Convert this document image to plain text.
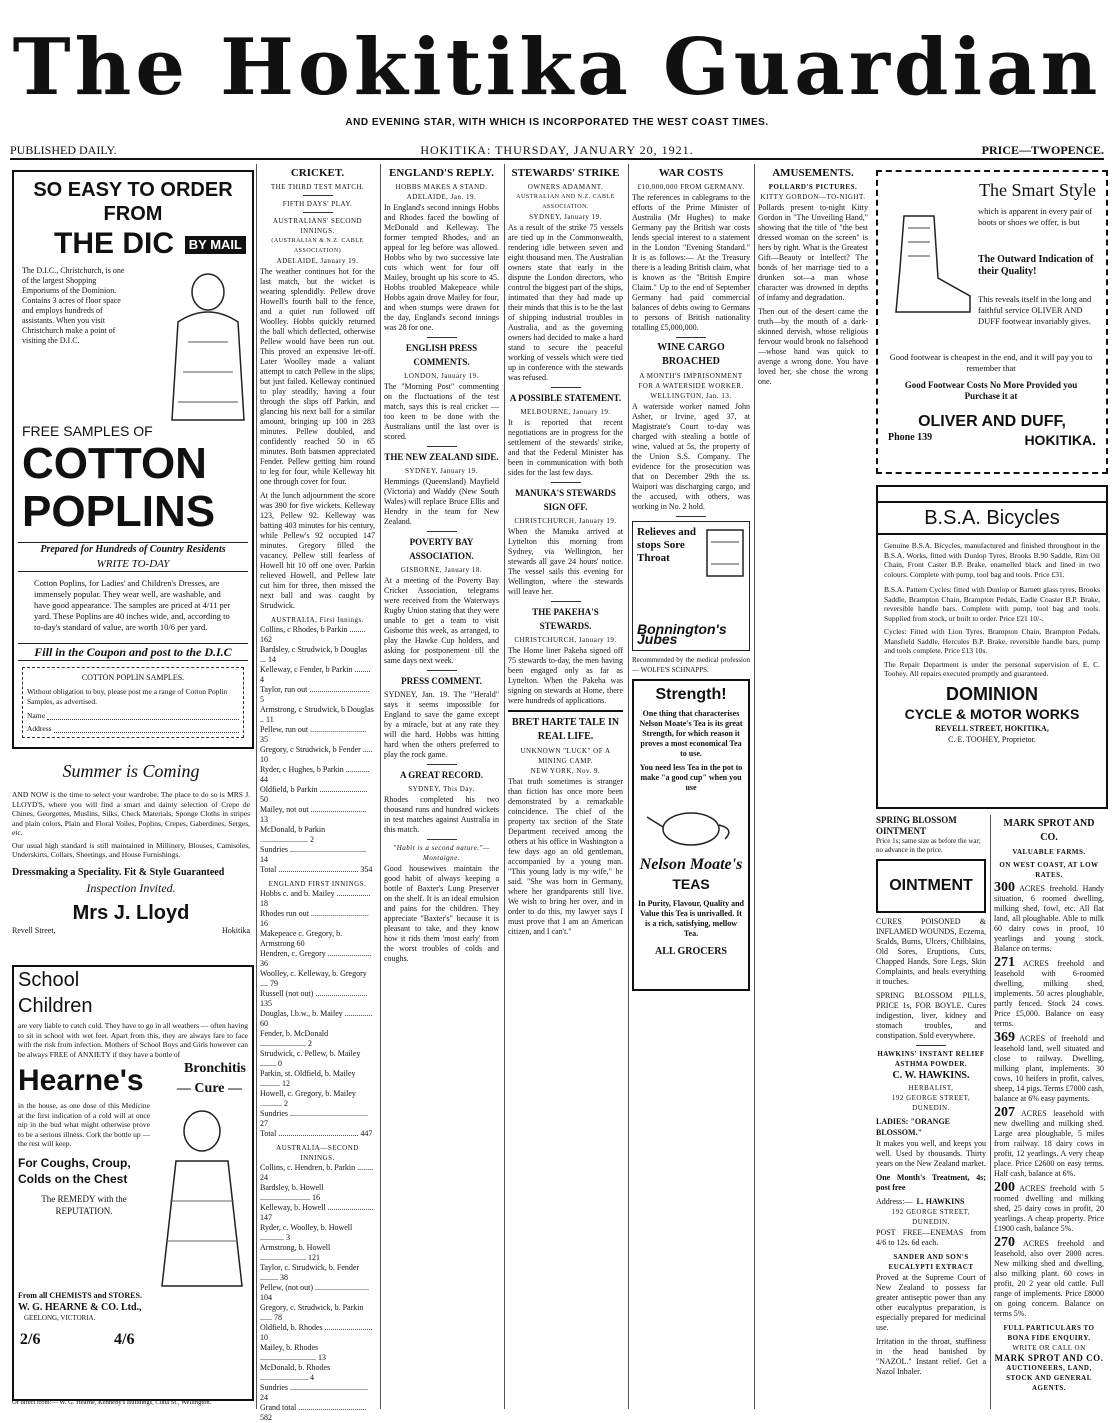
The Hokitika Guardian
AND EVENING STAR, WITH WHICH IS INCORPORATED THE WEST COAST TIMES.
HOKITIKA: THURSDAY, JANUARY 20, 1921.
PUBLISHED DAILY.	PRICE—TWOPENCE.
SO EASY TO ORDER FROM
THE DIC	BY MAIL
The D.I.C., Christchurch, is one of the largest Shopping Emporiums of the Dominion. Contains 3 acres of floor space and employs hundreds of assistants. When you visit Christchurch make a point of visiting the D.I.C.
FREE SAMPLES OF
COTTON
POPLINS
Prepared for Hundreds of Country Residents
WRITE TO-DAY
Cotton Poplins, for Ladies' and Children's Dresses, are immensely popular. They wear well, are washable, and have good appearance. The samples are priced at 4/11 per yard. These Poplins are 40 inches wide, and, according to to-day's standard of value, are worth 10/6 per yard.
Fill in the Coupon and post to the D.I.C
COTTON POPLIN SAMPLES.
Without obligation to buy, please post me a range of Cotton Poplin Samples, as advertised.
Name
Address
Summer is Coming
AND NOW is the time to select your wardrobe. The place to do so is MRS J. LLOYD'S, where you will find a smart and dainty selection of Crepe de Chines, Georgettes, Muslins, Silks, Check Materials, Sponge Cloths in stripes and plain colors, Plain and Floral Voiles, Poplins, Crepes, Gaberdines, Serges, etc.
Our usual high standard is still maintained in Millinery, Blouses, Camisoles, Underskirts, Collars, Sheetings, and House Furnishings.
Dressmaking a Speciality. Fit & Style Guaranteed
Inspection Invited.
Mrs J. Lloyd
Revell Street,	Hokitika
School Children
are very liable to catch cold. They have to go in all weathers — often having to sit in school with wet feet. Apart from this, they are always fare to face with the risk from infection. Mothers of School Boys and Girls however can be always FREE of ANXIETY if they have a bottle of
Hearne's	Bronchitis
— Cure —
in the house, as one dose of this Medicine at the first indication of a cold will at once nip in the bud what might otherwise prove to be a serious illness. Cork the bottle up — the rest will keep.
For Coughs, Croup,
Colds on the Chest
The REMEDY with the REPUTATION.
From all CHEMISTS and STORES.
W. G. HEARNE & CO. Ltd.,
GEELONG, VICTORIA.
2/6	4/6
Or direct from:— W. G. Hearne, Kennedy's Buildings, Cuba St., Wellington.
CRICKET.
THE THIRD TEST MATCH.
FIFTH DAYS' PLAY.
AUSTRALIANS' SECOND INNINGS.
(AUSTRALIAN & N.Z. CABLE ASSOCIATION)
ADELAIDE, January 19.
The weather continues hot for the last match, but the wicket is wearing splendidly. Pellew drove Howell's fourth ball to the fence, and a quiet run followed off Woolley. Hobbs quickly returned the ball which deflected, otherwise Pellew would have been run out. This proved an expensive let-off. Later Woolley made a valiant attempt to catch Pellew in the slips, but just failed. Kelleway continued to play steadily, having a four through the slips off Parkin, and glancing his next ball for a similar amount, bringing up 100 in 283 minutes. Pellew doubled, and confidently reached 50 in 65 minutes. Both batsmen appreciated Fender. Pellew getting him round to leg for four, while Kelleway hit one through cover for four.
At the lunch adjournment the score was 390 for five wickets. Kelleway 123, Pellew 92. Kelleway was batting 403 minutes for his century, while Pellew's 92 occupied 147 minutes. Gregory filled the vacancy. Pellew still fearless of Howell hit 10 off one over. Parkin relieved Howell, and Pellew late cut him for three, then missed the next ball and was caught by Strudwick.
AUSTRALIA, First Innings.
Collins, c Rhodes, b Parkin ........ 162
Bardsley, c Strudwick, b Douglas ... 14
Kelleway, c Fender, b Parkin ........ 4
Taylor, run out .............................. 5
Armstrong, c Strudwick, b Douglas .. 11
Pellew, run out ............................ 35
Gregory, c Strudwick, b Fender ..... 10
Ryder, c Hughes, b Parkin ............ 44
Oldfield, b Parkin ........................ 50
Mailey, not out ............................ 13
McDonald, b Parkin ........................ 2
Sundries ...................................... 14
Total ........................................ 354
ENGLAND FIRST INNINGS.
Hobbs c. and b. Mailey ................. 18
Rhodes run out ............................. 16
Makepeace c. Gregory, b. Armstrong 60
Hendren, c. Gregory ...................... 36
Woolley, c. Kelleway, b. Gregory .... 79
Russell (not out) .......................... 135
Douglas, l.b.w., b. Mailey .............. 60
Fender, b. McDonald ....................... 2
Strudwick, c. Pellew, b. Mailey ........ 0
Parkin, st. Oldfield, b. Mailey .......... 12
Howell, c. Gregory, b. Mailey ........... 2
Sundries ....................................... 27
Total ........................................ 447
AUSTRALIA—SECOND INNINGS.
Collins, c. Hendren, b. Parkin ........ 24
Bardsley, b. Howell ......................... 16
Kelleway, b. Howell ....................... 147
Ryder, c. Woolley, b. Howell ............ 3
Armstrong, b. Howell ....................... 121
Taylor, c. Strudwick, b. Fender ......... 38
Pellew, (not out) ........................... 104
Gregory, c. Strudwick, b. Parkin ...... 78
Oldfield, b. Rhodes ........................ 10
Mailey, b. Rhodes ............................ 13
McDonald, b. Rhodes ........................ 4
Sundries ....................................... 24
Grand total .................................. 582
ENGLAND'S REPLY.
HOBBS MAKES A STAND.
ADELAIDE, Jan. 19.
In England's second innings Hobbs and Rhodes faced the bowling of McDonald and Kelleway. The former tempted Rhodes, and an appeal for leg before was allowed. Hobbs who by two successive late cuts which went for four off Mailey, brought up his score to 45. Hobbs troubled Makepeace while Hobbs again drove Mailey for four, and when stumps were drawn for the day, England's second innings was 28 for one.
ENGLISH PRESS COMMENTS.
LONDON, January 19.
The "Morning Post" commenting on the fluctuations of the test match, says this is real cricket — too keen to be done with the Australians until the last over is scored.
THE NEW ZEALAND SIDE.
SYDNEY, January 19.
Hemmings (Queensland) Mayfield (Victoria) and Waddy (New South Wales) will replace Bruce Ellis and Hendry in the team for New Zealand.
POVERTY BAY ASSOCIATION.
GISBORNE, January 18.
At a meeting of the Poverty Bay Cricket Association, telegrams were received from the Waterways Rugby Union stating that they were unable to get a team to visit Gisborne this week, as arranged, to play the Hawke Cup holders, and asking for postponement till the same days next week.
PRESS COMMENT.
SYDNEY, Jan. 19. The "Herald" says it seems impossible for England to save the game except by a miracle, but at any rate they will die hard. Hobbs was hitting hard when the others preferred to play the rock game.
A GREAT RECORD.
SYDNEY, This Day.
Rhodes completed his two thousand runs and hundred wickets in test matches against Australia in this match.
"Habit is a second nature."—Montaigne.
Good housewives maintain the good habit of always keeping a bottle of Baxter's Lung Preserver on the shelf. It is an ideal emulsion and pains for the children. They appreciate "Baxter's" because it is pleasant to take, and they know how it rids them 'most early' from the worst troubles of colds and coughs.
STEWARDS' STRIKE
OWNERS ADAMANT.
AUSTRALIAN AND N.Z. CABLE ASSOCIATION.
SYDNEY, January 19.
As a result of the strike 75 vessels are tied up in the Commonwealth, rendering idle between seven and eight thousand men. The Australian owners state that early in the dispute the London directors, who control the biggest part of the ships, intimated that they had made up their minds that this is to be the last of shipping industrial troubles in Australia, and as the governing owners had decided to make a hard stand to secure the peaceful working of vessels which were tied up in conference with the stewards was refused.
A POSSIBLE STATEMENT.
MELBOURNE, January 19.
It is reported that recent negotiations are in progress for the settlement of the stewards' strike, and that the Federal Minister has been in communication with both sides for the last few days.
MANUKA'S STEWARDS SIGN OFF.
CHRISTCHURCH, January 19.
When the Manuka arrived at Lyttelton this morning from Sydney, via Wellington, her stewards all gave 24 hours' notice. The vessel sails this evening for Wellington, where the stewards will leave her.
THE PAKEHA'S STEWARDS.
CHRISTCHURCH, January 19.
The Home liner Pakeha signed off 75 stewards to-day, the men having been engaged only as far as Lyttelton. When the Pakeha was signing on stewards at Home, there were hundreds of applications.
BRET HARTE TALE IN REAL LIFE.
UNKNOWN "LUCK" OF A MINING CAMP.
NEW YORK, Nov. 9.
That truth sometimes is stranger than fiction has once more been demonstrated by a remarkable coincidence. The chief of the property tax section of the State Department received among the others at his office in Washington a few days ago an old gentleman, accompanied by a young man. "This young lady is my wife," he said. "She was born in Germany, where her grandparents still live. We wish to bring her over, and in order to do this, my lawyer says I must prove that I am an American citizen, and I can't."
WAR COSTS
£10,000,000 FROM GERMANY.
The references in cablegrams to the efforts of the Prime Minister of Australia (Mr Hughes) to make Germany pay the British war costs lends special interest to a statement in the London "Evening Standard." It is as follows:— At the Treasury there is a leading British claim, what is known as the "British Empire Claim." Up to the end of September Germany had paid commercial balances of debts owing to Germans to persons of British nationality totalling £5,000,000.
WINE CARGO BROACHED
A MONTH'S IMPRISONMENT FOR A WATERSIDE WORKER.
WELLINGTON, Jan. 13.
A waterside worker named John Asher, or Irvine, aged 37, at Magistrate's Court to-day was charged with stealing a bottle of wine, valued at 5s, the property of the Union S.S. Company. The evidence for the prosecution was that on December 29th the ss. Waipori was discharging cargo, and the accused, with others, was working in No. 2 hold.
Relieves and stops Sore Throat
Bonnington's Jubes
Recommended by the medical profession — WOLFE'S SCHNAPPS.
Strength!
One thing that characterises Nelson Moate's Tea is its great Strength, for which reason it proves a most economical Tea to use.
You need less Tea in the pot to make "a good cup" when you use
Nelson Moate's
TEAS
In Purity, Flavour, Quality and Value this Tea is unrivalled. It is a rich, satisfying, mellow Tea.
ALL GROCERS
AMUSEMENTS.
POLLARD'S PICTURES.
KITTY GORDON—TO-NIGHT.
Pollards present to-night Kitty Gordon in "The Unveiling Hand," showing that the title of "the best dressed woman on the screen" is hers by right. What is the Greatest Gift—Beauty or Intellect? The bonds of her marriage tied to a drunken sot—a man whose character was drowned in depths of infamy and degradation.
Then out of the desert came the truth—by the mouth of a dark-skinned dervish, whose religious fervour would brook no falsehood—whose hand was quick to avenge a wrong done. You have loved her, she chose the wrong one.
The Smart Style
which is apparent in every pair of boots or shoes we offer, is but
The Outward Indication of their Quality!
This reveals itself in the long and faithful service OLIVER AND DUFF footwear invariably gives.
Good footwear is cheapest in the end, and it will pay you to remember that
Good Footwear Costs No More Provided you Purchase it at
OLIVER AND DUFF,
Phone 139	HOKITIKA.
B.S.A. Bicycles
Genuine B.S.A. Bicycles, manufactured and finished throughout in the B.S.A. Works, fitted with Dunlop Tyres, Brooks B.90 Saddle, Rim Oil Chain, Front Caster B.P. Brake, enamelled black and lined in two colours. Complete with pump, tool bag and tools. Price £31.
B.S.A. Pattern Cycles: fitted with Dunlop or Barnett glass tyres, Brooks Saddle, Brampton Chain, Brampton Pedals, Eadie Coaster B.P. Brake, reversible handle bars. Complete with pump, tool bag and tools. Supplied from stock, or built to order. Price £21 10/-.
Cycles: Fitted with Lion Tyres, Brampton Chain, Brampton Pedals, Mansfield Saddle, Hercules B.P. Brake, reversible handle bars, pump and tools complete. Price £13 10s.
The Repair Department is under the personal supervision of E. C. Toohey. All repairs executed promptly and guaranteed.
DOMINION
CYCLE & MOTOR WORKS
REVELL STREET, HOKITIKA,
C. E. TOOHEY, Proprietor.
SPRING BLOSSOM OINTMENT
Price 1s; same size as before the war; no advance in the price.
OINTMENT
CURES POISONED & INFLAMED WOUNDS, Eczema, Scalds, Burns, Ulcers, Chilblains, Old Sores, Eruptions, Cuts, Chapped Hands, Sore Legs, Skin Complaints, and heals everything it touches.
SPRING BLOSSOM PILLS, PRICE 1s, FOR BOYLE. Cures indigestion, liver, kidney and stomach troubles, and constipation. Sold everywhere.
HAWKINS' INSTANT RELIEF ASTHMA POWDER.
C. W. HAWKINS.
HERBALIST,
192 GEORGE STREET, DUNEDIN.
LADIES: "ORANGE BLOSSOM."
It makes you well, and keeps you well. Used by thousands. Thirty years on the New Zealand market.
One Month's Treatment, 4s; post free
Address:— L. HAWKINS
192 GEORGE STREET, DUNEDIN.
POST FREE—ENEMAS from 4/6 to 12s. 6d each.
SANDER AND SON'S EUCALYPTI EXTRACT
Proved at the Supreme Court of New Zealand to possess far greater antiseptic power than any other eucalyptus preparation, is especially prepared for medicinal use.
Irritation in the throat, stuffiness in the head banished by "NAZOL." Instant relief. Get a Nazol Inhaler.
MARK SPROT AND CO.
VALUABLE FARMS.
ON WEST COAST, AT LOW RATES.
300 ACRES freehold. Handy situation, 6 roomed dwelling, milking shed, fowl, etc. All flat land, all ploughable. Able to milk 60 dairy cows in proof, 10 yearlings and young stock. Balance on terms.
271 ACRES freehold and leasehold with 6-roomed dwelling, milking shed, implements. 50 acres ploughable, partly fenced. Stock 24 cows. Price £5,000. Balance on easy terms.
369 ACRES of freehold and leasehold land, well situated and close to railway. Dwelling, milking plant, implements. 30 cows, 10 heifers in profit, calves, sheep, 14 pigs. Terms £7000 cash, balance at 6% easy payments.
207 ACRES leasehold with new dwelling and milking shed. Large area ploughable, 5 miles from railway. 18 dairy cows in profit, 12 yearlings. A very cheap place. Price £2600 on easy terms. Half cash, balance at 6%.
200 ACRES freehold with 5 roomed dwelling and milking shed, 25 dairy cows in profit, 20 yearlings. A cheap property. Price £1900 cash, balance 5%.
270 ACRES freehold and leasehold, also over 2000 acres. New milking shed and dwelling, also milking plant. 60 cows in profit, 20 2 year old cattle. Full range of implements. Price £8000 on going concern. Balance on terms 5%.
FULL PARTICULARS TO BONA FIDE ENQUIRY.
WRITE OR CALL ON
MARK SPROT AND CO.
AUCTIONEERS, LAND, STOCK AND GENERAL AGENTS.
